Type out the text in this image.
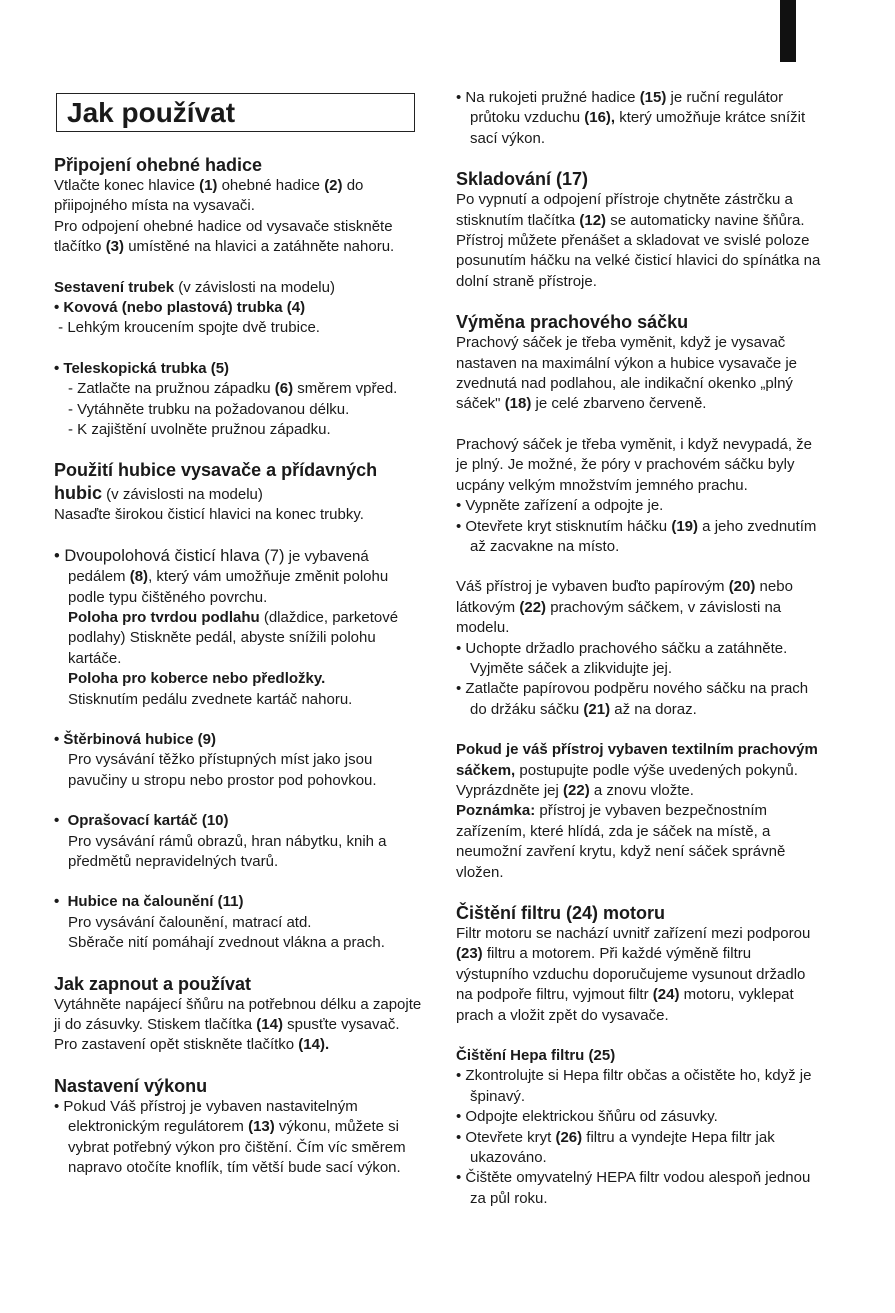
Jak používat

Připojení ohebné hadice

Vtlačte konec hlavice (1) ohebné hadice (2) do přiipojného místa na vysavači.

Pro odpojení ohebné hadice od vysavače stiskněte tlačítko (3) umístěné na hlavici a zatáhněte nahoru.

Sestavení trubek (v závislosti na modelu)

• Kovová (nebo plastová) trubka (4)

- Lehkým kroucením spojte dvě trubice.

• Teleskopická trubka (5)

- Zatlačte na pružnou západku (6) směrem vpřed.

- Vytáhněte trubku na požadovanou délku.

- K zajištění uvolněte pružnou západku.

Použití hubice vysavače a přídavných hubic (v závislosti na modelu)

Nasaďte širokou čisticí hlavici na konec trubky.

• Dvoupolohová čisticí hlava (7) je vybavená pedálem (8), který vám umožňuje změnit polohu podle typu čištěného povrchu.

Poloha pro tvrdou podlahu (dlaždice, parketové podlahy) Stiskněte pedál, abyste snížili polohu kartáče.

Poloha pro koberce nebo předložky.

Stisknutím pedálu zvednete kartáč nahoru.

• Štěrbinová hubice (9)

Pro vysávání těžko přístupných míst jako jsou pavučiny u stropu nebo prostor pod pohovkou.

•  Oprašovací kartáč (10)

Pro vysávání rámů obrazů, hran nábytku, knih a předmětů nepravidelných tvarů.

•  Hubice na čalounění (11)

Pro vysávání čalounění, matrací atd.

Sběrače nití pomáhají zvednout vlákna a prach.

Jak zapnout a používat

Vytáhněte napájecí šňůru na potřebnou délku a zapojte ji do zásuvky. Stiskem tlačítka (14) spusťte vysavač. Pro zastavení opět stiskněte tlačítko (14).

Nastavení výkonu

• Pokud Váš přístroj je vybaven nastavitelným elektronickým regulátorem (13) výkonu, můžete si vybrat potřebný výkon pro čištění. Čím víc směrem napravo otočíte knoflík, tím větší bude sací výkon.

• Na rukojeti pružné hadice (15) je ruční regulátor průtoku vzduchu (16), který umožňuje krátce snížit sací výkon.

Skladování (17)

Po vypnutí a odpojení přístroje chytněte zástrčku a stisknutím tlačítka (12) se automaticky navine šňůra. Přístroj můžete přenášet a skladovat ve svislé poloze posunutím háčku na velké čisticí hlavici do spínátka na dolní straně přístroje.

Výměna prachového sáčku

Prachový sáček je třeba vyměnit, když je vysavač nastaven na maximální výkon a hubice vysavače je zvednutá nad podlahou, ale indikační okenko „plný sáček" (18) je celé zbarveno červeně.

Prachový sáček je třeba vyměnit, i když nevypadá, že je plný. Je možné, že póry v prachovém sáčku byly ucpány velkým množstvím jemného prachu.

• Vypněte zařízení a odpojte je.

• Otevřete kryt stisknutím háčku (19) a jeho zvednutím až zacvakne na místo.

Váš přístroj je vybaven buďto papírovým (20) nebo látkovým (22) prachovým sáčkem, v závislosti na modelu.

• Uchopte držadlo prachového sáčku a zatáhněte. Vyjměte sáček a zlikvidujte jej.

• Zatlačte papírovou podpěru nového sáčku na prach do držáku sáčku (21) až na doraz.

Pokud je váš přístroj vybaven textilním prachovým sáčkem, postupujte podle výše uvedených pokynů. Vyprázdněte jej (22) a znovu vložte.

Poznámka: přístroj je vybaven bezpečnostním zařízením, které hlídá, zda je sáček na místě, a neumožní zavření krytu, když není sáček správně vložen.

Čištění filtru (24) motoru

Filtr motoru se nachází uvnitř zařízení mezi podporou (23) filtru a motorem. Při každé výměně filtru výstupního vzduchu doporučujeme vysunout držadlo na podpoře filtru, vyjmout filtr (24) motoru, vyklepat prach a vložit zpět do vysavače.

Čištění Hepa filtru (25)

• Zkontrolujte si Hepa filtr občas a očistěte ho, když je špinavý.

• Odpojte elektrickou šňůru od zásuvky.

• Otevřete kryt (26) filtru a vyndejte Hepa filtr jak ukazováno.

• Čištěte omyvatelný HEPA filtr vodou alespoň jednou za půl roku.
